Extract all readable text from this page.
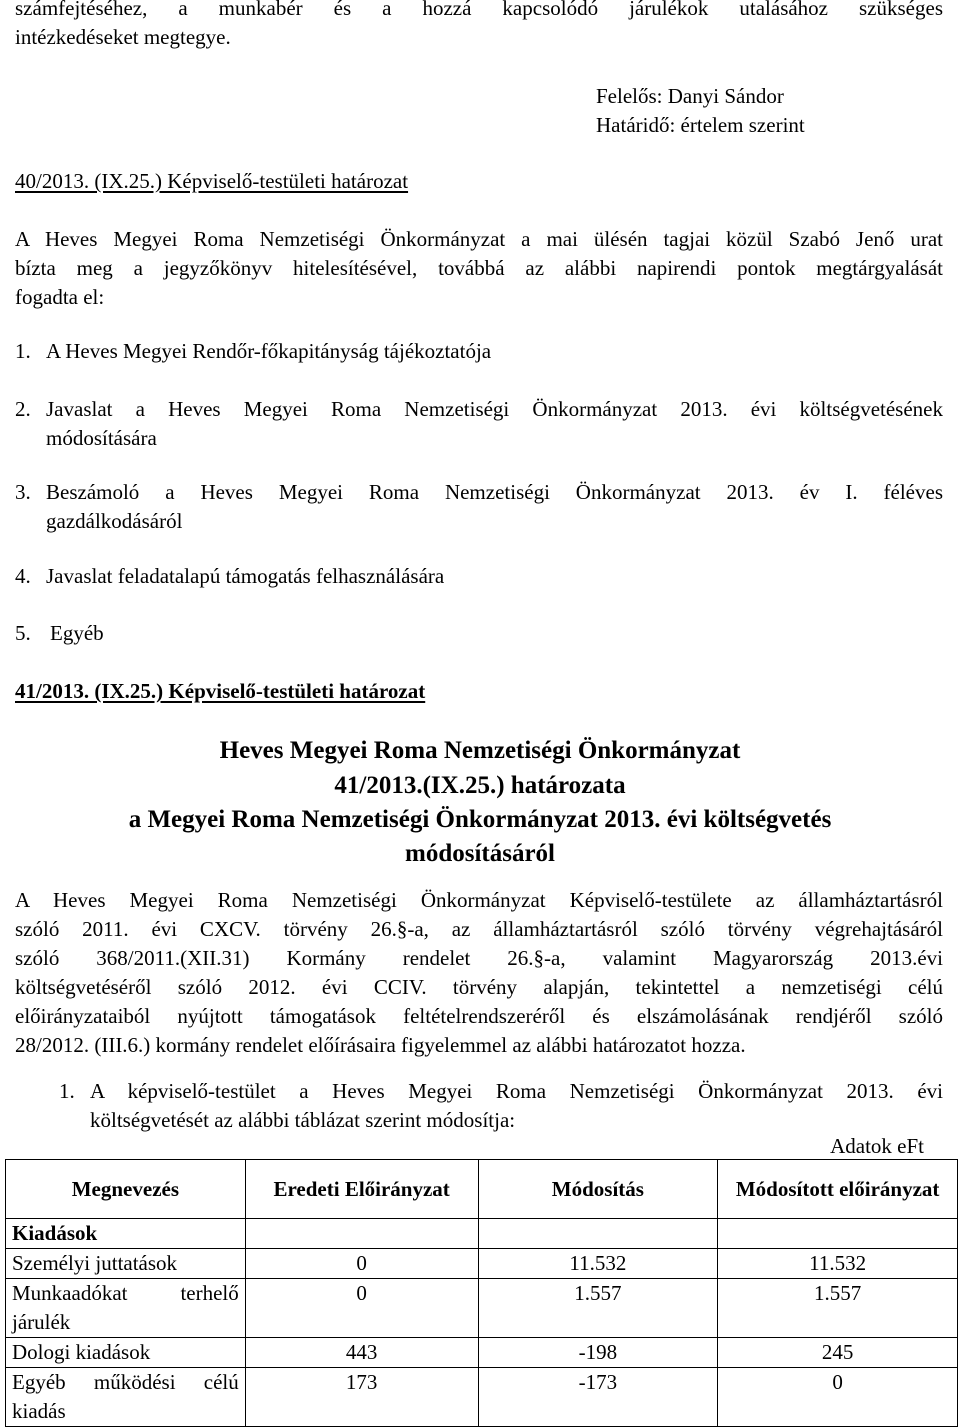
számfejtéséhez, a munkabér és a hozzá kapcsolódó járulékok utalásához szükséges
intézkedéseket megtegye.
Felelős: Danyi Sándor
Határidő: értelem szerint
40/2013. (IX.25.) Képviselő-testületi határozat
A Heves Megyei Roma Nemzetiségi Önkormányzat a mai ülésén tagjai közül Szabó Jenő urat
bízta meg a jegyzőkönyv hitelesítésével, továbbá az alábbi napirendi pontok megtárgyalását
fogadta el:
1. A Heves Megyei Rendőr-főkapitányság tájékoztatója
2. Javaslat a Heves Megyei Roma Nemzetiségi Önkormányzat 2013. évi költségvetésének
módosítására
3. Beszámoló a Heves Megyei Roma Nemzetiségi Önkormányzat 2013. év I. féléves
gazdálkodásáról
4. Javaslat feladatalapú támogatás felhasználására
5. Egyéb
41/2013. (IX.25.) Képviselő-testületi határozat
Heves Megyei Roma Nemzetiségi Önkormányzat
41/2013.(IX.25.) határozata
a Megyei Roma Nemzetiségi Önkormányzat 2013. évi költségvetés
módosításáról
A Heves Megyei Roma Nemzetiségi Önkormányzat Képviselő-testülete az államháztartásról
szóló 2011. évi CXCV. törvény 26.§-a, az államháztartásról szóló törvény végrehajtásáról
szóló 368/2011.(XII.31) Kormány rendelet 26.§-a, valamint Magyarország 2013.évi
költségvetéséről szóló 2012. évi CCIV. törvény alapján, tekintettel a nemzetiségi célú
előirányzataiból nyújtott támogatások feltételrendszeréről és elszámolásának rendjéről szóló
28/2012. (III.6.) kormány rendelet előírásaira figyelemmel az alábbi határozatot hozza.
1. A képviselő-testület a Heves Megyei Roma Nemzetiségi Önkormányzat 2013. évi
költségvetését az alábbi táblázat szerint módosítja:
Adatok eFt
Megnevezés	Eredeti Előirányzat	Módosítás	Módosított előirányzat
Kiadások			
Személyi juttatások	0	11.532	11.532
Munkaadókat terhelő járulék	0	1.557	1.557
Dologi kiadások	443	-198	245
Egyéb működési célú kiadás	173	-173	0
